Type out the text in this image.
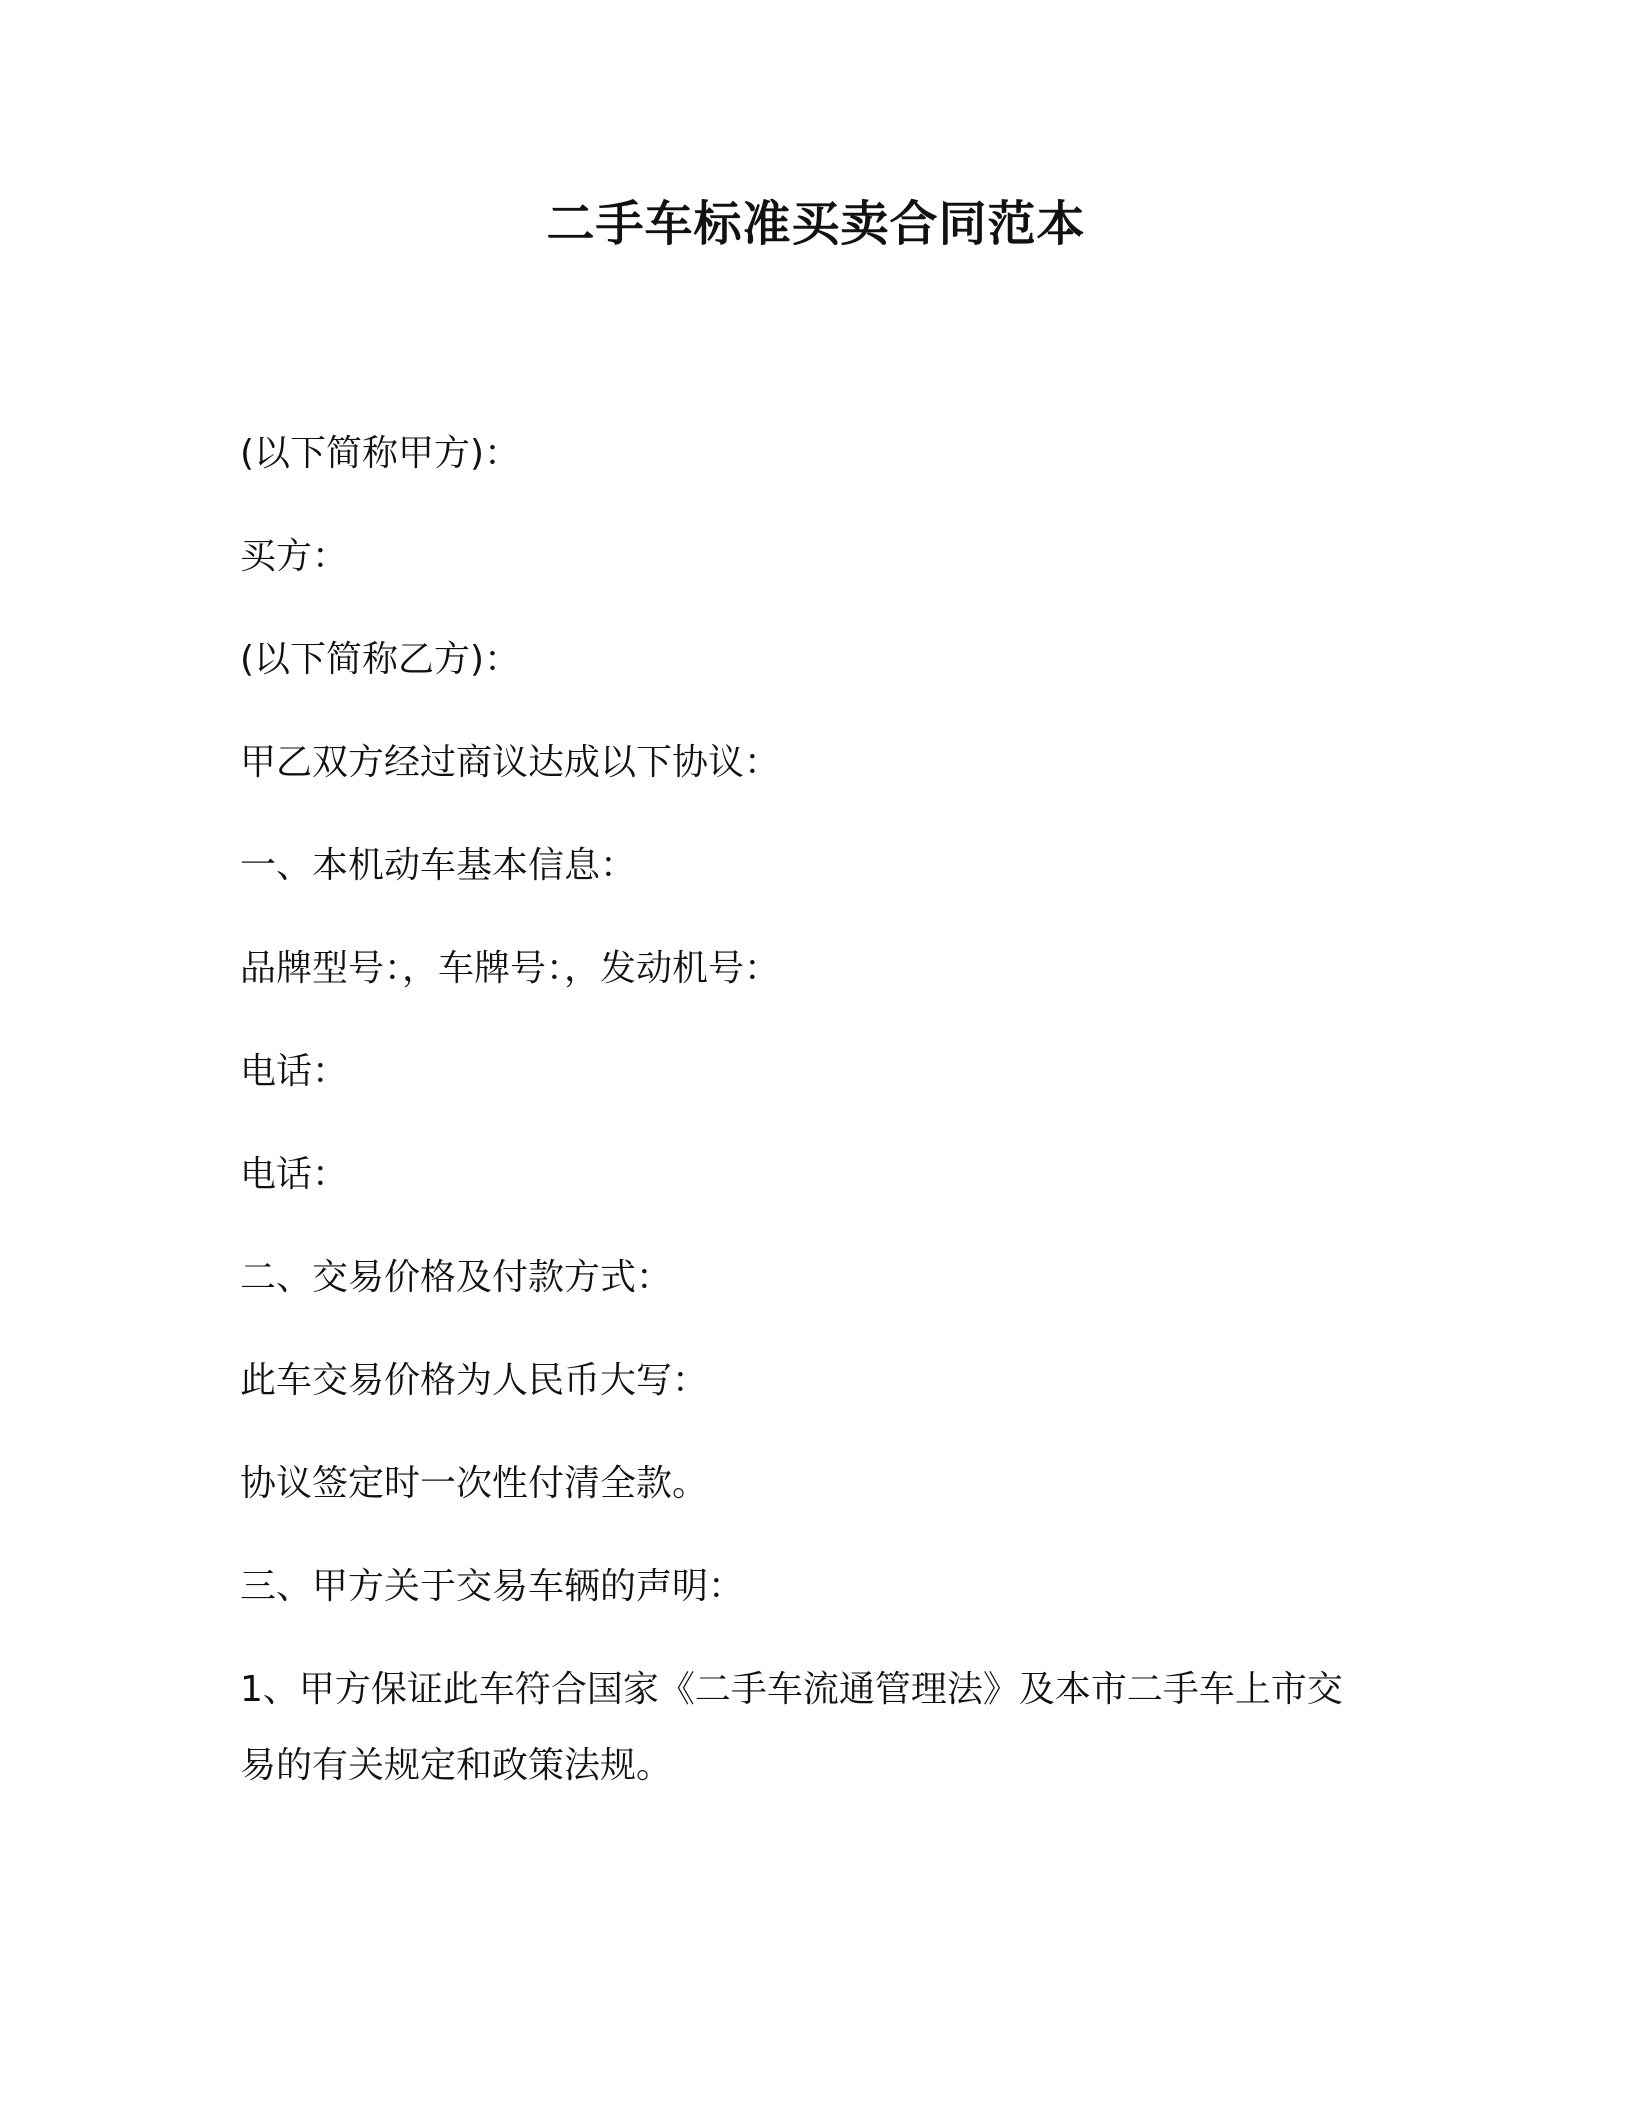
二手车标准买卖合同范本

(以下简称甲方)：

买方：

(以下简称乙方)：

甲乙双方经过商议达成以下协议：

一、本机动车基本信息：

品牌型号：，车牌号：，发动机号：

电话：

电话：

二、交易价格及付款方式：

此车交易价格为人民币大写：

协议签定时一次性付清全款。

三、甲方关于交易车辆的声明：

1、甲方保证此车符合国家《二手车流通管理法》及本市二手车上市交
易的有关规定和政策法规。
